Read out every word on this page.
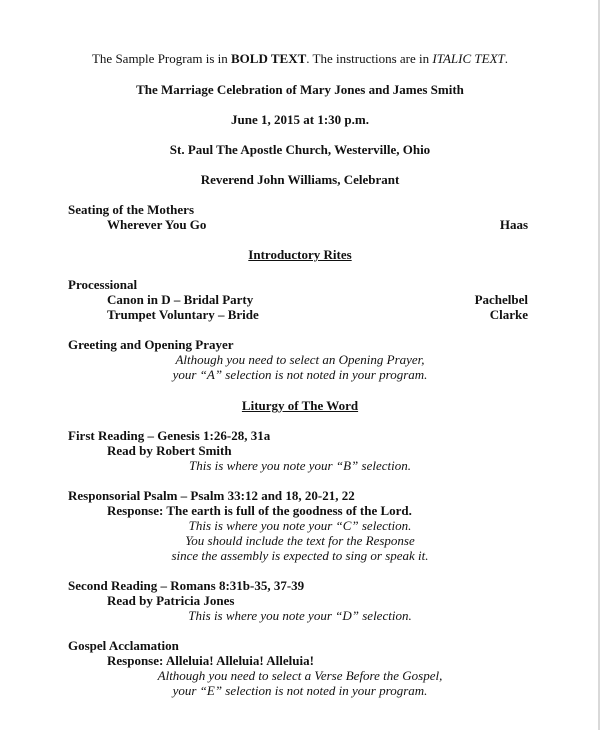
The Sample Program is in BOLD TEXT. The instructions are in ITALIC TEXT.
The Marriage Celebration of Mary Jones and James Smith
June 1, 2015 at 1:30 p.m.
St. Paul The Apostle Church, Westerville, Ohio
Reverend John Williams, Celebrant
Seating of the Mothers
Wherever You Go	Haas
Introductory Rites
Processional
Canon in D – Bridal Party	Pachelbel
Trumpet Voluntary – Bride	Clarke
Greeting and Opening Prayer
Although you need to select an Opening Prayer,
your “A” selection is not noted in your program.
Liturgy of The Word
First Reading – Genesis 1:26-28, 31a
Read by Robert Smith
This is where you note your “B” selection.
Responsorial Psalm – Psalm 33:12 and 18, 20-21, 22
Response: The earth is full of the goodness of the Lord.
This is where you note your “C” selection.
You should include the text for the Response
since the assembly is expected to sing or speak it.
Second Reading – Romans 8:31b-35, 37-39
Read by Patricia Jones
This is where you note your “D” selection.
Gospel Acclamation
Response: Alleluia! Alleluia! Alleluia!
Although you need to select a Verse Before the Gospel,
your “E” selection is not noted in your program.
